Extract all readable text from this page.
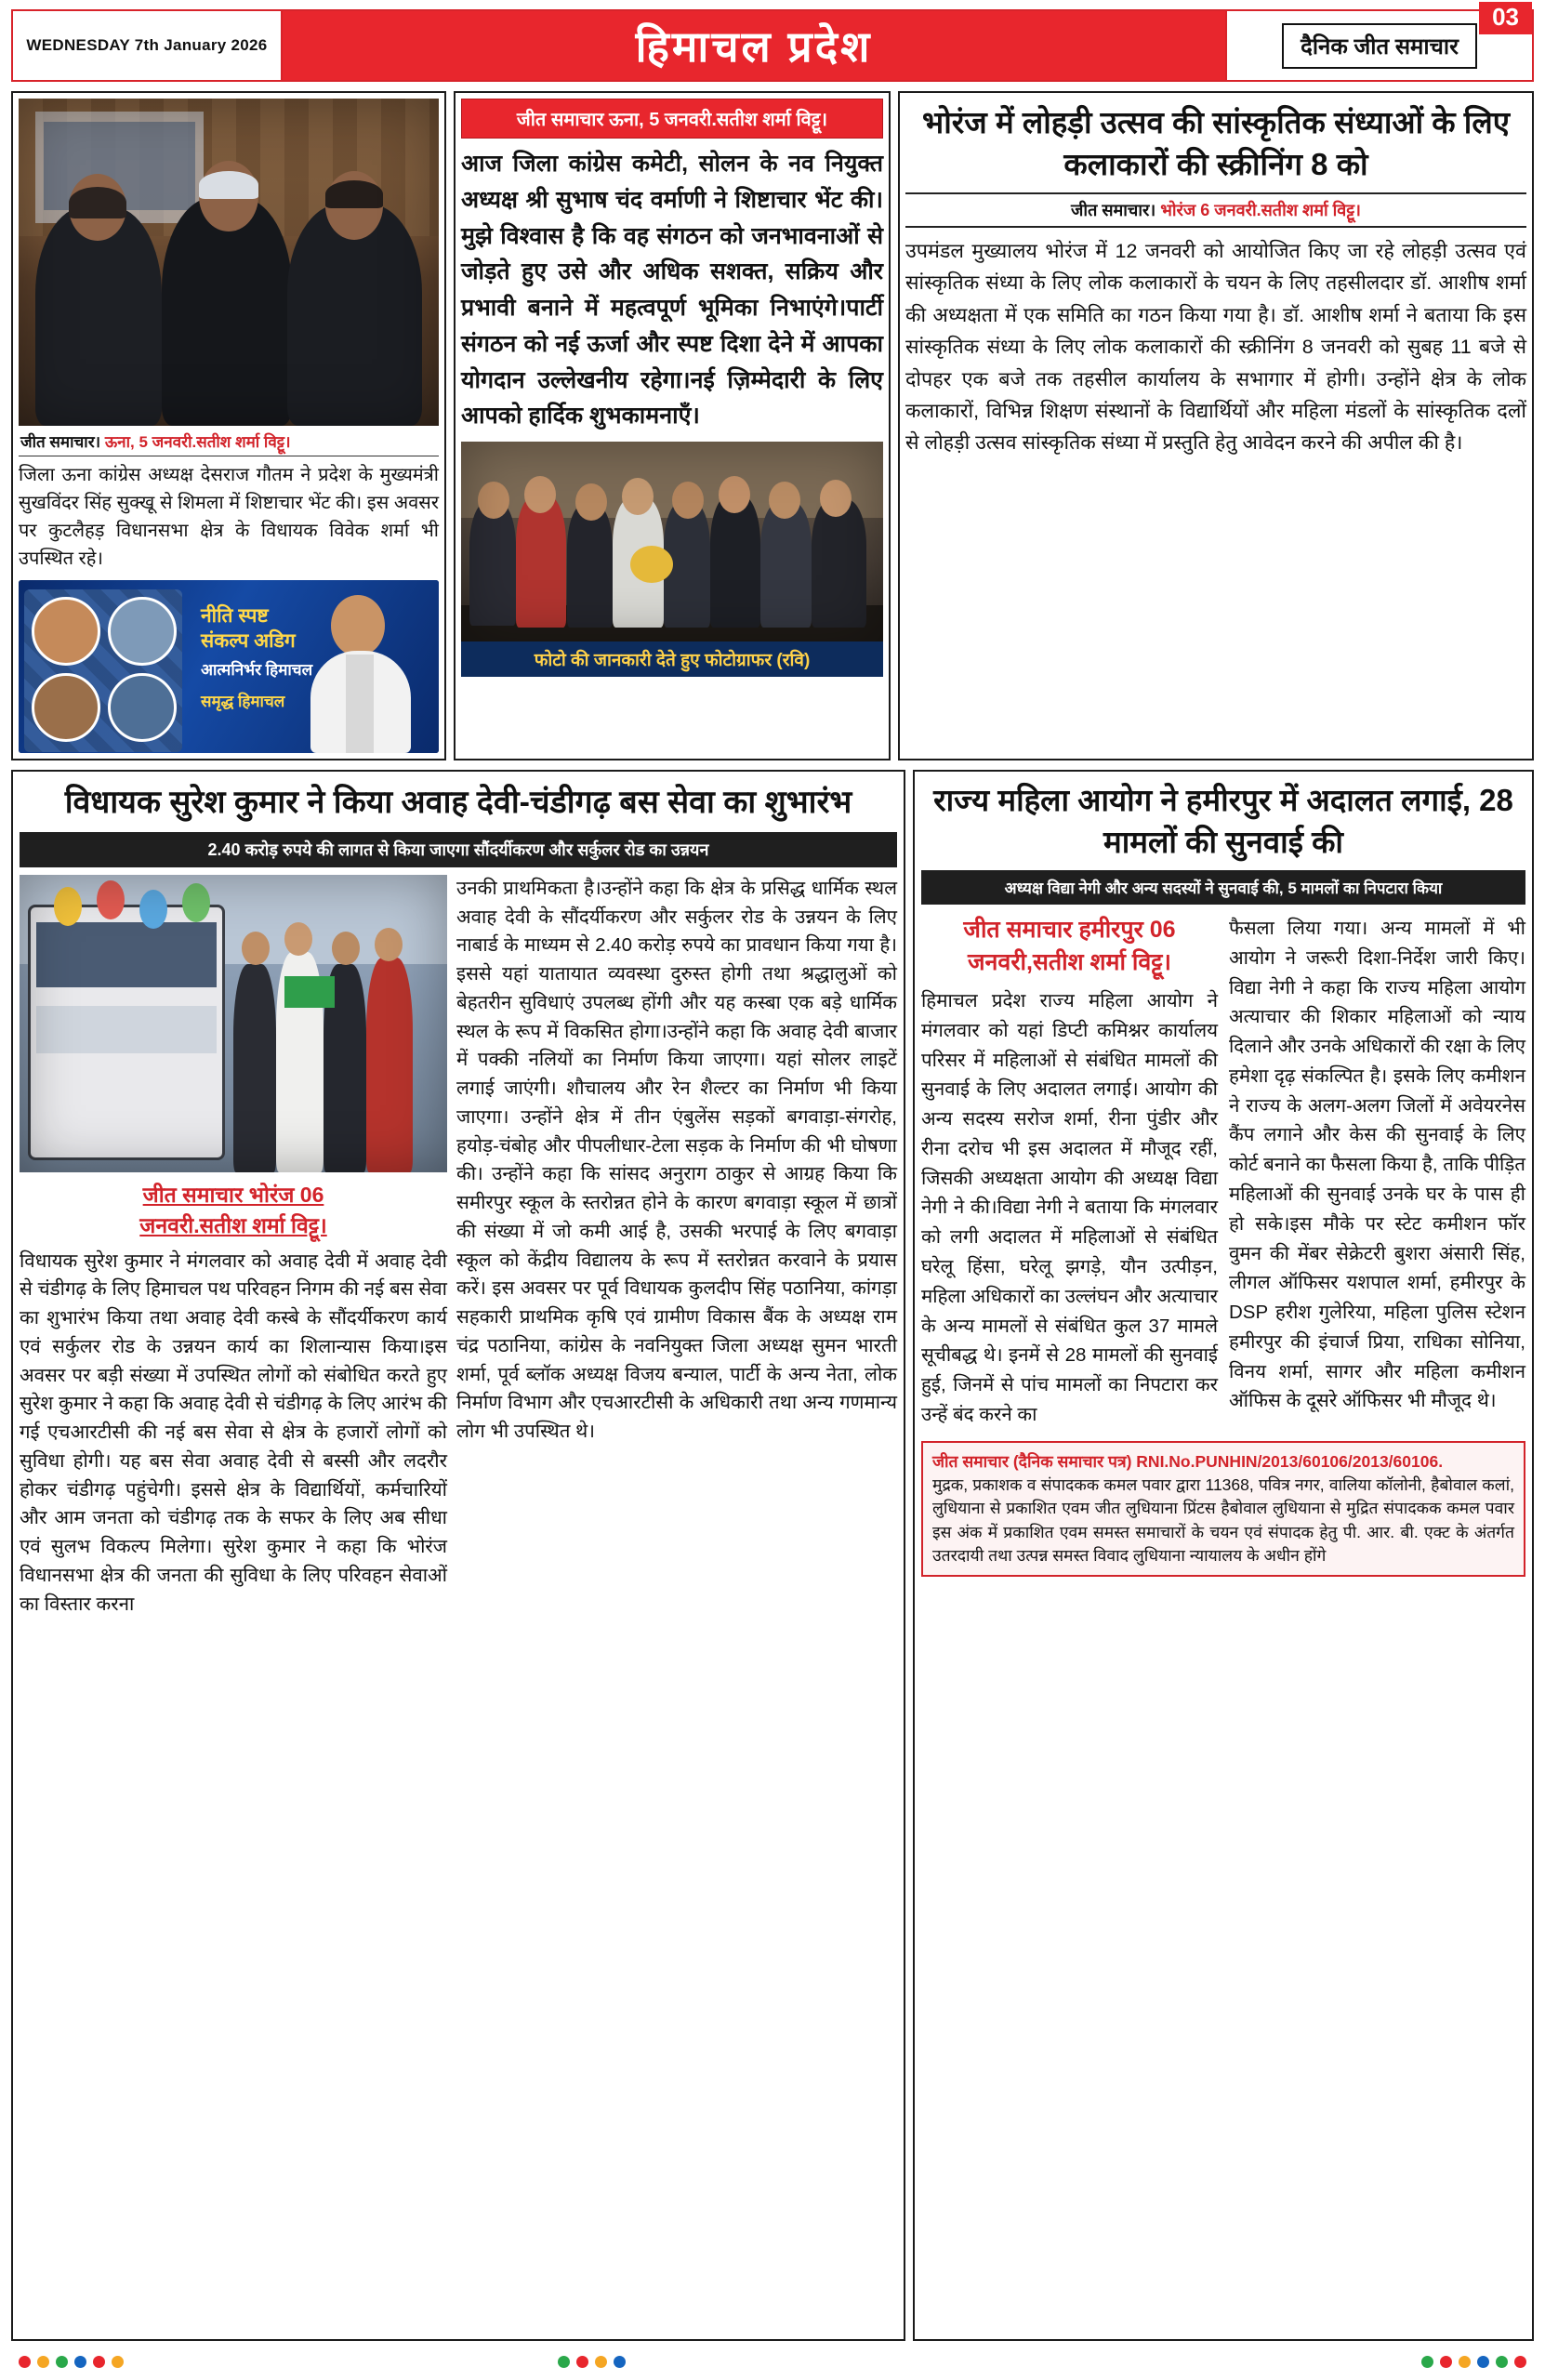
WEDNESDAY 7th January 2026	हिमाचल प्रदेश	दैनिक जीत समाचार
03
जीत समाचार। ऊना, 5 जनवरी.सतीश शर्मा विट्टू।
जिला ऊना कांग्रेस अध्यक्ष देसराज गौतम ने प्रदेश के मुख्यमंत्री सुखविंदर सिंह सुक्खू से शिमला में शिष्टाचार भेंट की। इस अवसर पर कुटलैहड़ विधानसभा क्षेत्र के विधायक विवेक शर्मा भी उपस्थित रहे।
नीति स्पष्ट
संकल्प अडिग
आत्मनिर्भर हिमाचल
समृद्ध हिमाचल
जीत समाचार ऊना, 5 जनवरी.सतीश शर्मा विट्टू।
आज जिला कांग्रेस कमेटी, सोलन के नव नियुक्त अध्यक्ष श्री सुभाष चंद वर्माणी ने शिष्टाचार भेंट की। मुझे विश्वास है कि वह संगठन को जनभावनाओं से जोड़ते हुए उसे और अधिक सशक्त, सक्रिय और प्रभावी बनाने में महत्वपूर्ण भूमिका निभाएंगे।पार्टी संगठन को नई ऊर्जा और स्पष्ट दिशा देने में आपका योगदान उल्लेखनीय रहेगा।नई ज़िम्मेदारी के लिए आपको हार्दिक शुभकामनाएँ।
फोटो की जानकारी देते हुए फोटोग्राफर (रवि)
भोरंज में लोहड़ी उत्सव की सांस्कृतिक संध्याओं के लिए कलाकारों की स्क्रीनिंग 8 को
जीत समाचार। भोरंज 6 जनवरी.सतीश शर्मा विट्टू।
उपमंडल मुख्यालय भोरंज में 12 जनवरी को आयोजित किए जा रहे लोहड़ी उत्सव एवं सांस्कृतिक संध्या के लिए लोक कलाकारों के चयन के लिए तहसीलदार डॉ. आशीष शर्मा की अध्यक्षता में एक समिति का गठन किया गया है। डॉ. आशीष शर्मा ने बताया कि इस सांस्कृतिक संध्या के लिए लोक कलाकारों की स्क्रीनिंग 8 जनवरी को सुबह 11 बजे से दोपहर एक बजे तक तहसील कार्यालय के सभागार में होगी। उन्होंने क्षेत्र के लोक कलाकारों, विभिन्न शिक्षण संस्थानों के विद्यार्थियों और महिला मंडलों के सांस्कृतिक दलों से लोहड़ी उत्सव सांस्कृतिक संध्या में प्रस्तुति हेतु आवेदन करने की अपील की है।
विधायक सुरेश कुमार ने किया अवाह देवी-चंडीगढ़ बस सेवा का शुभारंभ
2.40 करोड़ रुपये की लागत से किया जाएगा सौंदर्यीकरण और सर्कुलर रोड का उन्नयन
जीत समाचार भोरंज 06
जनवरी.सतीश शर्मा विट्टू।
विधायक सुरेश कुमार ने मंगलवार को अवाह देवी में अवाह देवी से चंडीगढ़ के लिए हिमाचल पथ परिवहन निगम की नई बस सेवा का शुभारंभ किया तथा अवाह देवी कस्बे के सौंदर्यीकरण कार्य एवं सर्कुलर रोड के उन्नयन कार्य का शिलान्यास किया।इस अवसर पर बड़ी संख्या में उपस्थित लोगों को संबोधित करते हुए सुरेश कुमार ने कहा कि अवाह देवी से चंडीगढ़ के लिए आरंभ की गई एचआरटीसी की नई बस सेवा से क्षेत्र के हजारों लोगों को सुविधा होगी। यह बस सेवा अवाह देवी से बस्सी और लदरौर होकर चंडीगढ़ पहुंचेगी। इससे क्षेत्र के विद्यार्थियों, कर्मचारियों और आम जनता को चंडीगढ़ तक के सफर के लिए अब सीधा एवं सुलभ विकल्प मिलेगा। सुरेश कुमार ने कहा कि भोरंज विधानसभा क्षेत्र की जनता की सुविधा के लिए परिवहन सेवाओं का विस्तार करना
उनकी प्राथमिकता है।उन्होंने कहा कि क्षेत्र के प्रसिद्ध धार्मिक स्थल अवाह देवी के सौंदर्यीकरण और सर्कुलर रोड के उन्नयन के लिए नाबार्ड के माध्यम से 2.40 करोड़ रुपये का प्रावधान किया गया है। इससे यहां यातायात व्यवस्था दुरुस्त होगी तथा श्रद्धालुओं को बेहतरीन सुविधाएं उपलब्ध होंगी और यह कस्बा एक बड़े धार्मिक स्थल के रूप में विकसित होगा।उन्होंने कहा कि अवाह देवी बाजार में पक्की नलियों का निर्माण किया जाएगा। यहां सोलर लाइटें लगाई जाएंगी। शौचालय और रेन शैल्टर का निर्माण भी किया जाएगा। उन्होंने क्षेत्र में तीन एंबुलेंस सड़कों बगवाड़ा-संगरोह, हयोड़-चंबोह और पीपलीधार-टेला सड़क के निर्माण की भी घोषणा की। उन्होंने कहा कि सांसद अनुराग ठाकुर से आग्रह किया कि समीरपुर स्कूल के स्तरोन्नत होने के कारण बगवाड़ा स्कूल में छात्रों की संख्या में जो कमी आई है, उसकी भरपाई के लिए बगवाड़ा स्कूल को केंद्रीय विद्यालय के रूप में स्तरोन्नत करवाने के प्रयास करें। इस अवसर पर पूर्व विधायक कुलदीप सिंह पठानिया, कांगड़ा सहकारी प्राथमिक कृषि एवं ग्रामीण विकास बैंक के अध्यक्ष राम चंद्र पठानिया, कांग्रेस के नवनियुक्त जिला अध्यक्ष सुमन भारती शर्मा, पूर्व ब्लॉक अध्यक्ष विजय बन्याल, पार्टी के अन्य नेता, लोक निर्माण विभाग और एचआरटीसी के अधिकारी तथा अन्य गणमान्य लोग भी उपस्थित थे।
राज्य महिला आयोग ने हमीरपुर में अदालत लगाई, 28 मामलों की सुनवाई की
अध्यक्ष विद्या नेगी और अन्य सदस्यों ने सुनवाई की, 5 मामलों का निपटारा किया
जीत समाचार हमीरपुर 06
जनवरी,सतीश शर्मा विट्टू।
हिमाचल प्रदेश राज्य महिला आयोग ने मंगलवार को यहां डिप्टी कमिश्नर कार्यालय परिसर में महिलाओं से संबंधित मामलों की सुनवाई के लिए अदालत लगाई। आयोग की अन्य सदस्य सरोज शर्मा, रीना पुंडीर और रीना दरोच भी इस अदालत में मौजूद रहीं, जिसकी अध्यक्षता आयोग की अध्यक्ष विद्या नेगी ने की।विद्या नेगी ने बताया कि मंगलवार को लगी अदालत में महिलाओं से संबंधित घरेलू हिंसा, घरेलू झगड़े, यौन उत्पीड़न, महिला अधिकारों का उल्लंघन और अत्याचार के अन्य मामलों से संबंधित कुल 37 मामले सूचीबद्ध थे। इनमें से 28 मामलों की सुनवाई हुई, जिनमें से पांच मामलों का निपटारा कर उन्हें बंद करने का
फैसला लिया गया। अन्य मामलों में भी आयोग ने जरूरी दिशा-निर्देश जारी किए।विद्या नेगी ने कहा कि राज्य महिला आयोग अत्याचार की शिकार महिलाओं को न्याय दिलाने और उनके अधिकारों की रक्षा के लिए हमेशा दृढ़ संकल्पित है। इसके लिए कमीशन ने राज्य के अलग-अलग जिलों में अवेयरनेस कैंप लगाने और केस की सुनवाई के लिए कोर्ट बनाने का फैसला किया है, ताकि पीड़ित महिलाओं की सुनवाई उनके घर के पास ही हो सके।इस मौके पर स्टेट कमीशन फॉर वुमन की मेंबर सेक्रेटरी बुशरा अंसारी सिंह, लीगल ऑफिसर यशपाल शर्मा, हमीरपुर के DSP हरीश गुलेरिया, महिला पुलिस स्टेशन हमीरपुर की इंचार्ज प्रिया, राधिका सोनिया, विनय शर्मा, सागर और महिला कमीशन ऑफिस के दूसरे ऑफिसर भी मौजूद थे।
जीत समाचार (दैनिक समाचार पत्र) RNI.No.PUNHIN/2013/60106/2013/60106.
मुद्रक, प्रकाशक व संपादकक कमल पवार द्वारा 11368, पवित्र नगर, वालिया कॉलोनी, हैबोवाल कलां, लुधियाना से प्रकाशित एवम जीत लुधियाना प्रिंटस हैबोवाल लुधियाना से मुद्रित संपादकक कमल पवार इस अंक में प्रकाशित एवम समस्त समाचारों के चयन एवं संपादक हेतु पी. आर. बी. एक्ट के अंतर्गत उतरदायी तथा उत्पन्न समस्त विवाद लुधियाना न्यायालय के अधीन होंगे
